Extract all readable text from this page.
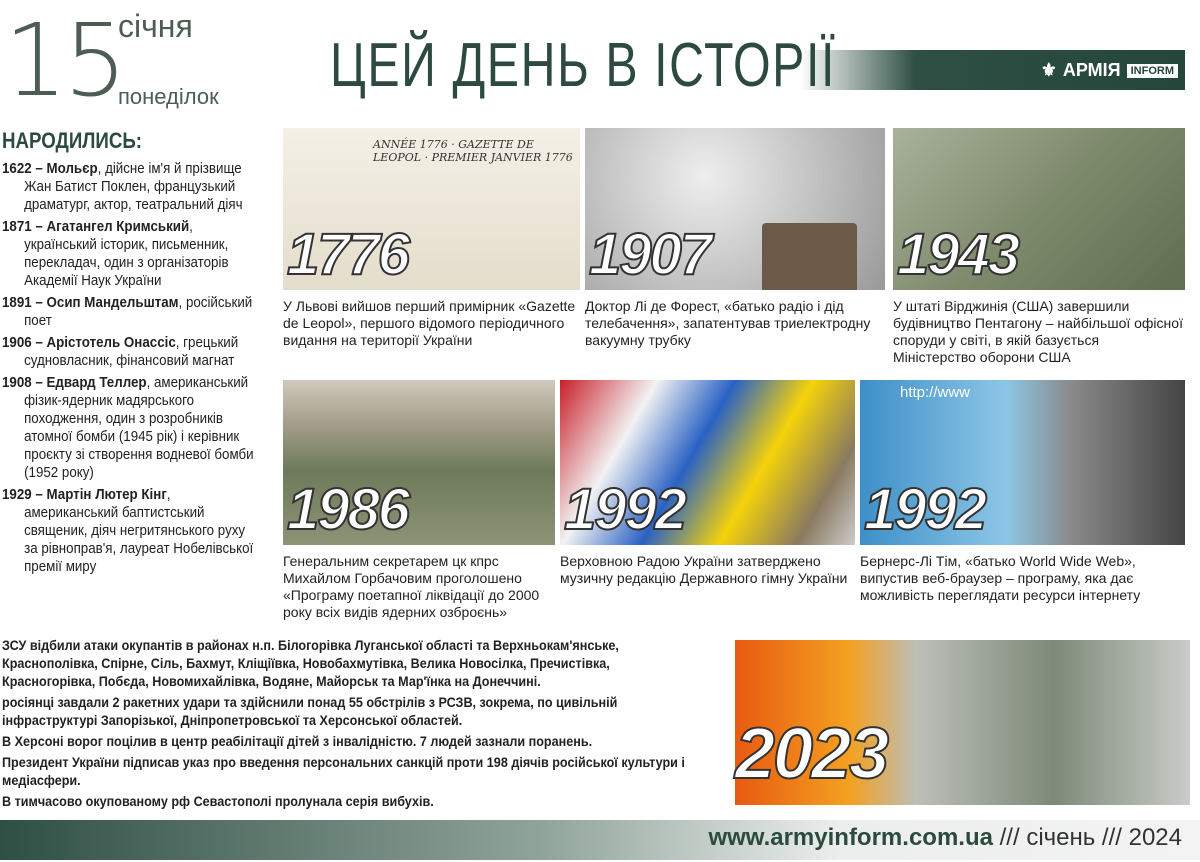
15
січня
понеділок ЦЕЙ ДЕНЬ В ІСТОРІЇ	⚜ АРМІЯ INFORM
НАРОДИЛИСЬ:
1622 – Мольєр, дійсне ім'я й прізвище Жан Батист Поклен, французький драматург, актор, театральний діяч
1871 – Агатангел Кримський, український історик, письменник, перекладач, один з організаторів Академії Наук України
1891 – Осип Мандельштам, російський поет
1906 – Арістотель Онассіс, грецький судновласник, фінансовий магнат
1908 – Едвард Теллер, американський фізик-ядерник мадярського походження, один з розробників атомної бомби (1945 рік) і керівник проєкту зі створення водневої бомби (1952 року)
1929 – Мартін Лютер Кінг, американський баптистський священик, діяч негритянського руху за рівноправ'я, лауреат Нобелівської премії миру
ANNÉE 1776 · GAZETTE DE LEOPOL · PREMIER JANVIER 1776
1776
У Львові вийшов перший примірник «Gazette de Leopol», першого відомого періодичного видання на території України
1907
Доктор Лі де Форест, «батько радіо і дід телебачення», запатентував триелектродну вакуумну трубку
1943
У штаті Вірджинія (США) завершили будівництво Пентагону – найбільшої офісної споруди у світі, в якій базується Міністерство оборони США
1986
Генеральним секретарем цк кпрс Михайлом Горбачовим проголошено «Програму поетапної ліквідації до 2000 року всіх видів ядерних озброєнь»
1992
Верховною Радою України затверджено музичну редакцію Державного гімну України
http://www
1992
Бернерс-Лі Тім, «батько World Wide Web», випустив веб-браузер – програму, яка дає можливість переглядати ресурси інтернету

ЗСУ відбили атаки окупантів в районах н.п. Білогорівка Луганської області та Верхньокам'янське, Краснополівка, Спірне, Сіль, Бахмут, Кліщіївка, Новобахмутівка, Велика Новосілка, Пречистівка, Красногорівка, Побєда, Новомихайлівка, Водяне, Майорськ та Мар'їнка на Донеччині.

росіянці завдали 2 ракетних удари та здійснили понад 55 обстрілів з РСЗВ, зокрема, по цивільній інфраструктурі Запорізької, Дніпропетровської та Херсонської областей.

В Херсоні ворог поцілив в центр реабілітації дітей з інвалідністю. 7 людей зазнали поранень.

Президент України підписав указ про введення персональних санкцій проти 198 діячів російської культури і медіасфери.

В тимчасово окупованому рф Севастополі пролунала серія вибухів.

2023
www.armyinform.com.ua /// січень /// 2024
